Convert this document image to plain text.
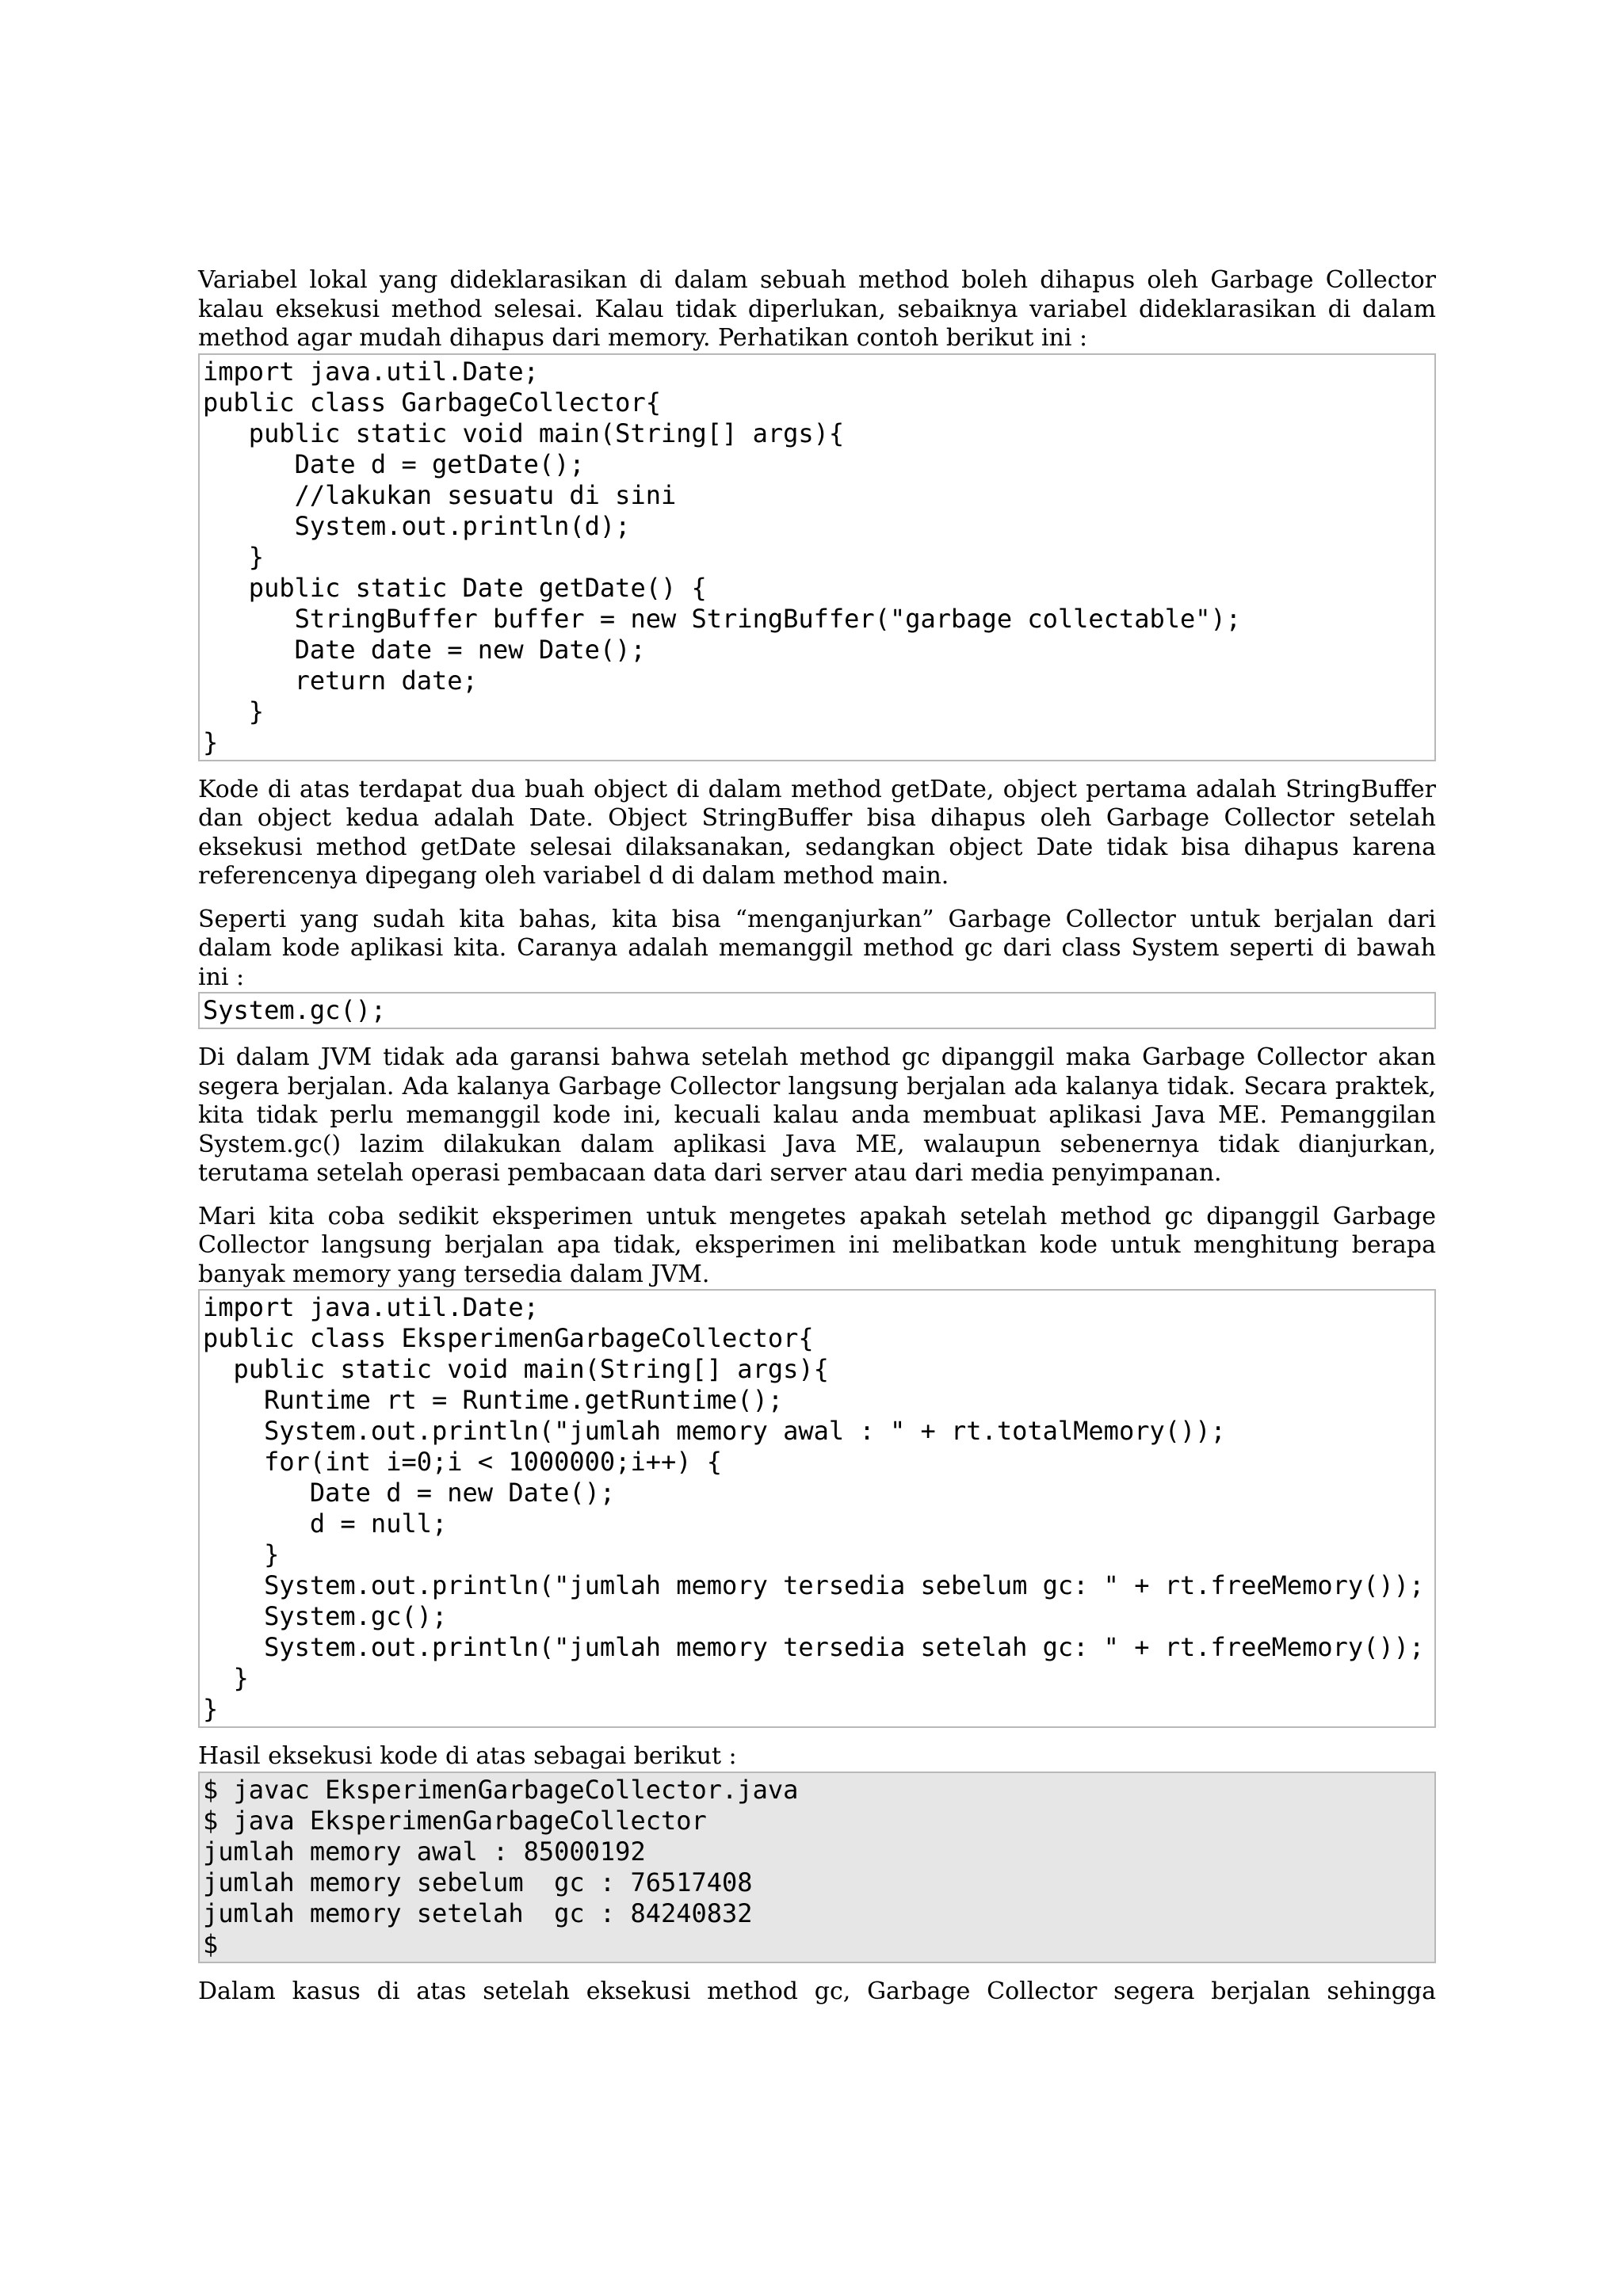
Variabel lokal yang dideklarasikan di dalam sebuah method boleh dihapus oleh Garbage Collector kalau eksekusi method selesai. Kalau tidak diperlukan, sebaiknya variabel dideklarasikan di dalam method agar mudah dihapus dari memory. Perhatikan contoh berikut ini :

import java.util.Date;
public class GarbageCollector{
public static void main(String[] args){
Date d = getDate();
//lakukan sesuatu di sini
System.out.println(d);
}
public static Date getDate() {
StringBuffer buffer = new StringBuffer("garbage collectable");
Date date = new Date();
return date;
}
}

Kode di atas terdapat dua buah object di dalam method getDate, object pertama adalah StringBuffer dan object kedua adalah Date. Object StringBuffer bisa dihapus oleh Garbage Collector setelah eksekusi method getDate selesai dilaksanakan, sedangkan object Date tidak bisa dihapus karena referencenya dipegang oleh variabel d di dalam method main.

Seperti yang sudah kita bahas, kita bisa “menganjurkan” Garbage Collector untuk berjalan dari dalam kode aplikasi kita. Caranya adalah memanggil method gc dari class System seperti di bawah ini :

System.gc();

Di dalam JVM tidak ada garansi bahwa setelah method gc dipanggil maka Garbage Collector akan segera berjalan. Ada kalanya Garbage Collector langsung berjalan ada kalanya tidak. Secara praktek, kita tidak perlu memanggil kode ini, kecuali kalau anda membuat aplikasi Java ME. Pemanggilan System.gc() lazim dilakukan dalam aplikasi Java ME, walaupun sebenernya tidak dianjurkan, terutama setelah operasi pembacaan data dari server atau dari media penyimpanan.

Mari kita coba sedikit eksperimen untuk mengetes apakah setelah method gc dipanggil Garbage Collector langsung berjalan apa tidak, eksperimen ini melibatkan kode untuk menghitung berapa banyak memory yang tersedia dalam JVM.

import java.util.Date;
public class EksperimenGarbageCollector{
public static void main(String[] args){
Runtime rt = Runtime.getRuntime();
System.out.println("jumlah memory awal : " + rt.totalMemory());
for(int i=0;i < 1000000;i++) {
Date d = new Date();
d = null;
}
System.out.println("jumlah memory tersedia sebelum gc: " + rt.freeMemory());
System.gc();
System.out.println("jumlah memory tersedia setelah gc: " + rt.freeMemory());
}
}

Hasil eksekusi kode di atas sebagai berikut :

$ javac EksperimenGarbageCollector.java
$ java EksperimenGarbageCollector
jumlah memory awal : 85000192
jumlah memory sebelum  gc : 76517408
jumlah memory setelah  gc : 84240832
$

Dalam kasus di atas setelah eksekusi method gc, Garbage Collector segera berjalan sehingga
